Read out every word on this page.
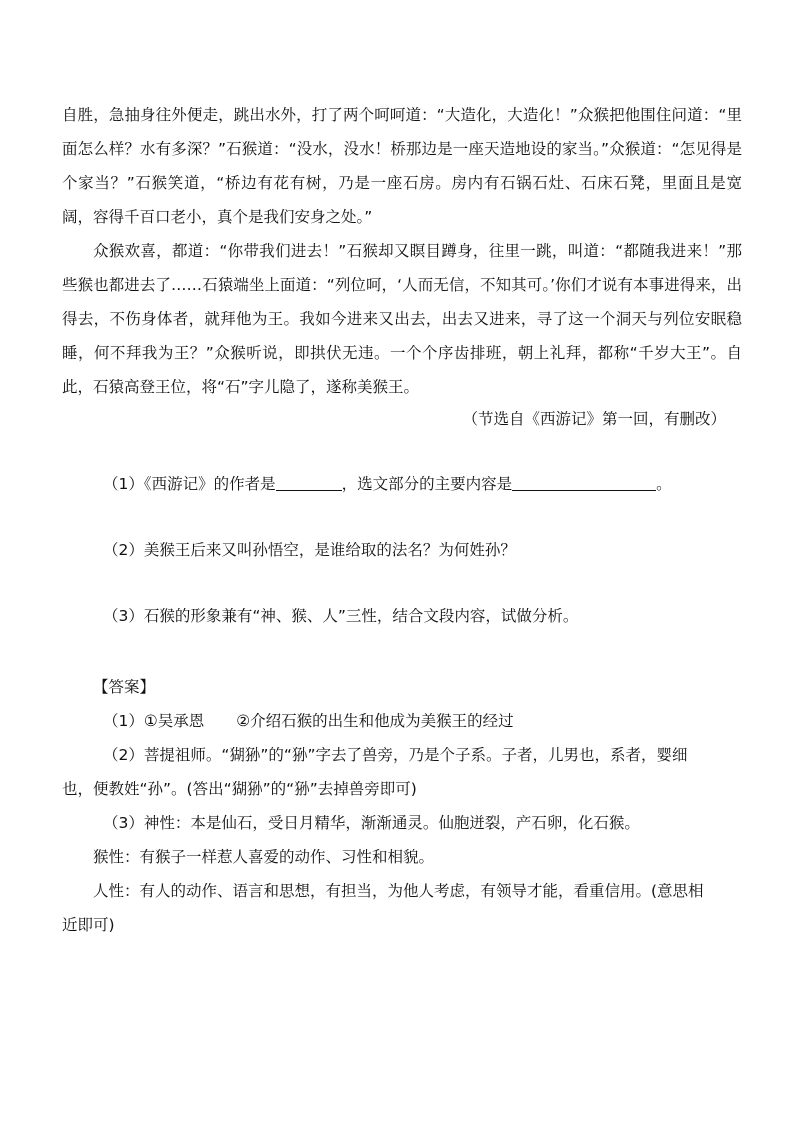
自胜，急抽身往外便走，跳出水外，打了两个呵呵道：“大造化，大造化！”众猴把他围住问道：“里面怎么样？水有多深？”石猴道：“没水，没水！桥那边是一座天造地设的家当。”众猴道：“怎见得是个家当？”石猴笑道，“桥边有花有树，乃是一座石房。房内有石锅石灶、石床石凳，里面且是宽阔，容得千百口老小，真个是我们安身之处。”

众猴欢喜，都道：“你带我们进去！”石猴却又瞑目蹲身，往里一跳，叫道：“都随我进来！”那些猴也都进去了……石猿端坐上面道：“列位呵，‘人而无信，不知其可。’你们才说有本事进得来，出得去，不伤身体者，就拜他为王。我如今进来又出去，出去又进来，寻了这一个洞天与列位安眠稳睡，何不拜我为王？”众猴听说，即拱伏无违。一个个序齿排班，朝上礼拜，都称“千岁大王”。自此，石猿高登王位，将“石”字儿隐了，遂称美猴王。

（节选自《西游记》第一回，有删改）
（1）《西游记》的作者是	，选文部分的主要内容是	。
（2）美猴王后来又叫孙悟空，是谁给取的法名？为何姓孙？
（3）石猴的形象兼有“神、猴、人”三性，结合文段内容，试做分析。

【答案】

（1）①吴承恩 ②介绍石猴的出生和他成为美猴王的经过

（2）菩提祖师。“猢狲”的“狲”字去了兽旁，乃是个子系。子者，儿男也，系者，婴细

也，便教姓“孙”。(答出“猢狲”的“狲”去掉兽旁即可)

（3）神性：本是仙石，受日月精华，渐渐通灵。仙胞迸裂，产石卵，化石猴。

猴性：有猴子一样惹人喜爱的动作、习性和相貌。

人性：有人的动作、语言和思想，有担当，为他人考虑，有领导才能，看重信用。(意思相

近即可)
